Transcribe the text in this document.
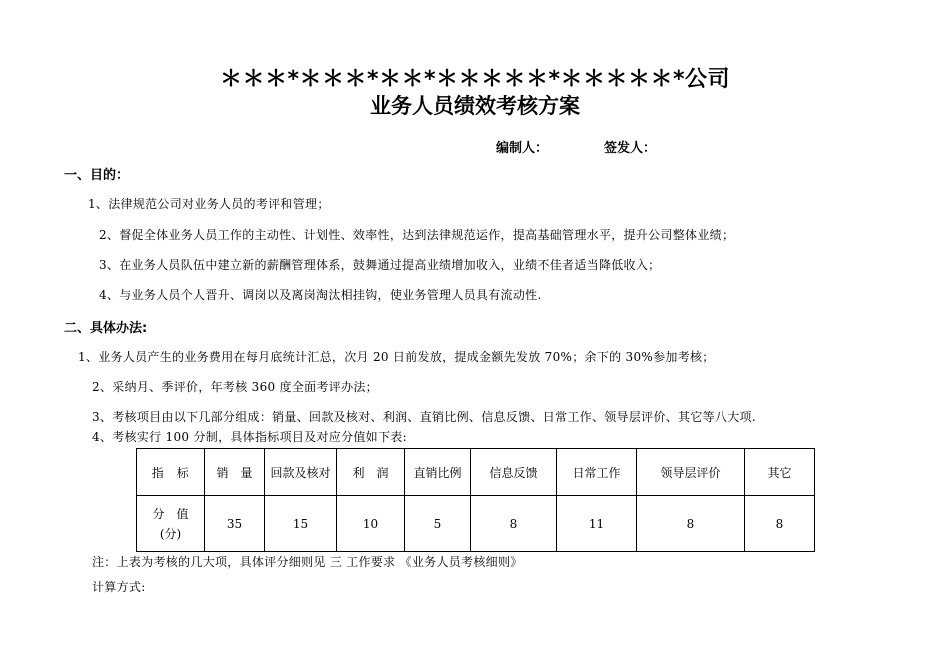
＊＊＊*＊＊＊*＊＊*＊＊＊＊＊*＊＊＊＊＊*公司
业务人员绩效考核方案
编制人：	签发人：
一、目的：
1、法律规范公司对业务人员的考评和管理；
2、督促全体业务人员工作的主动性、计划性、效率性，达到法律规范运作，提高基础管理水平，提升公司整体业绩；
3、在业务人员队伍中建立新的薪酬管理体系，鼓舞通过提高业绩增加收入，业绩不佳者适当降低收入；
4、与业务人员个人晋升、调岗以及离岗淘汰相挂钩，使业务管理人员具有流动性.
二、具体办法:
1、业务人员产生的业务费用在每月底统计汇总，次月 20 日前发放，提成金额先发放 70%；余下的 30%参加考核；
2、采纳月、季评价，年考核 360 度全面考评办法；
3、考核项目由以下几部分组成：销量、回款及核对、利润、直销比例、信息反馈、日常工作、领导层评价、其它等八大项.
4、考核实行 100 分制，具体指标项目及对应分值如下表:
指　标	销　量	回款及核对	利　润	直销比例	信息反馈	日常工作	领导层评价	其它
分　值
(分)	35	15	10	5	8	11	8	8
注：上表为考核的几大项，具体评分细则见 三 工作要求 《业务人员考核细则》
计算方式:
